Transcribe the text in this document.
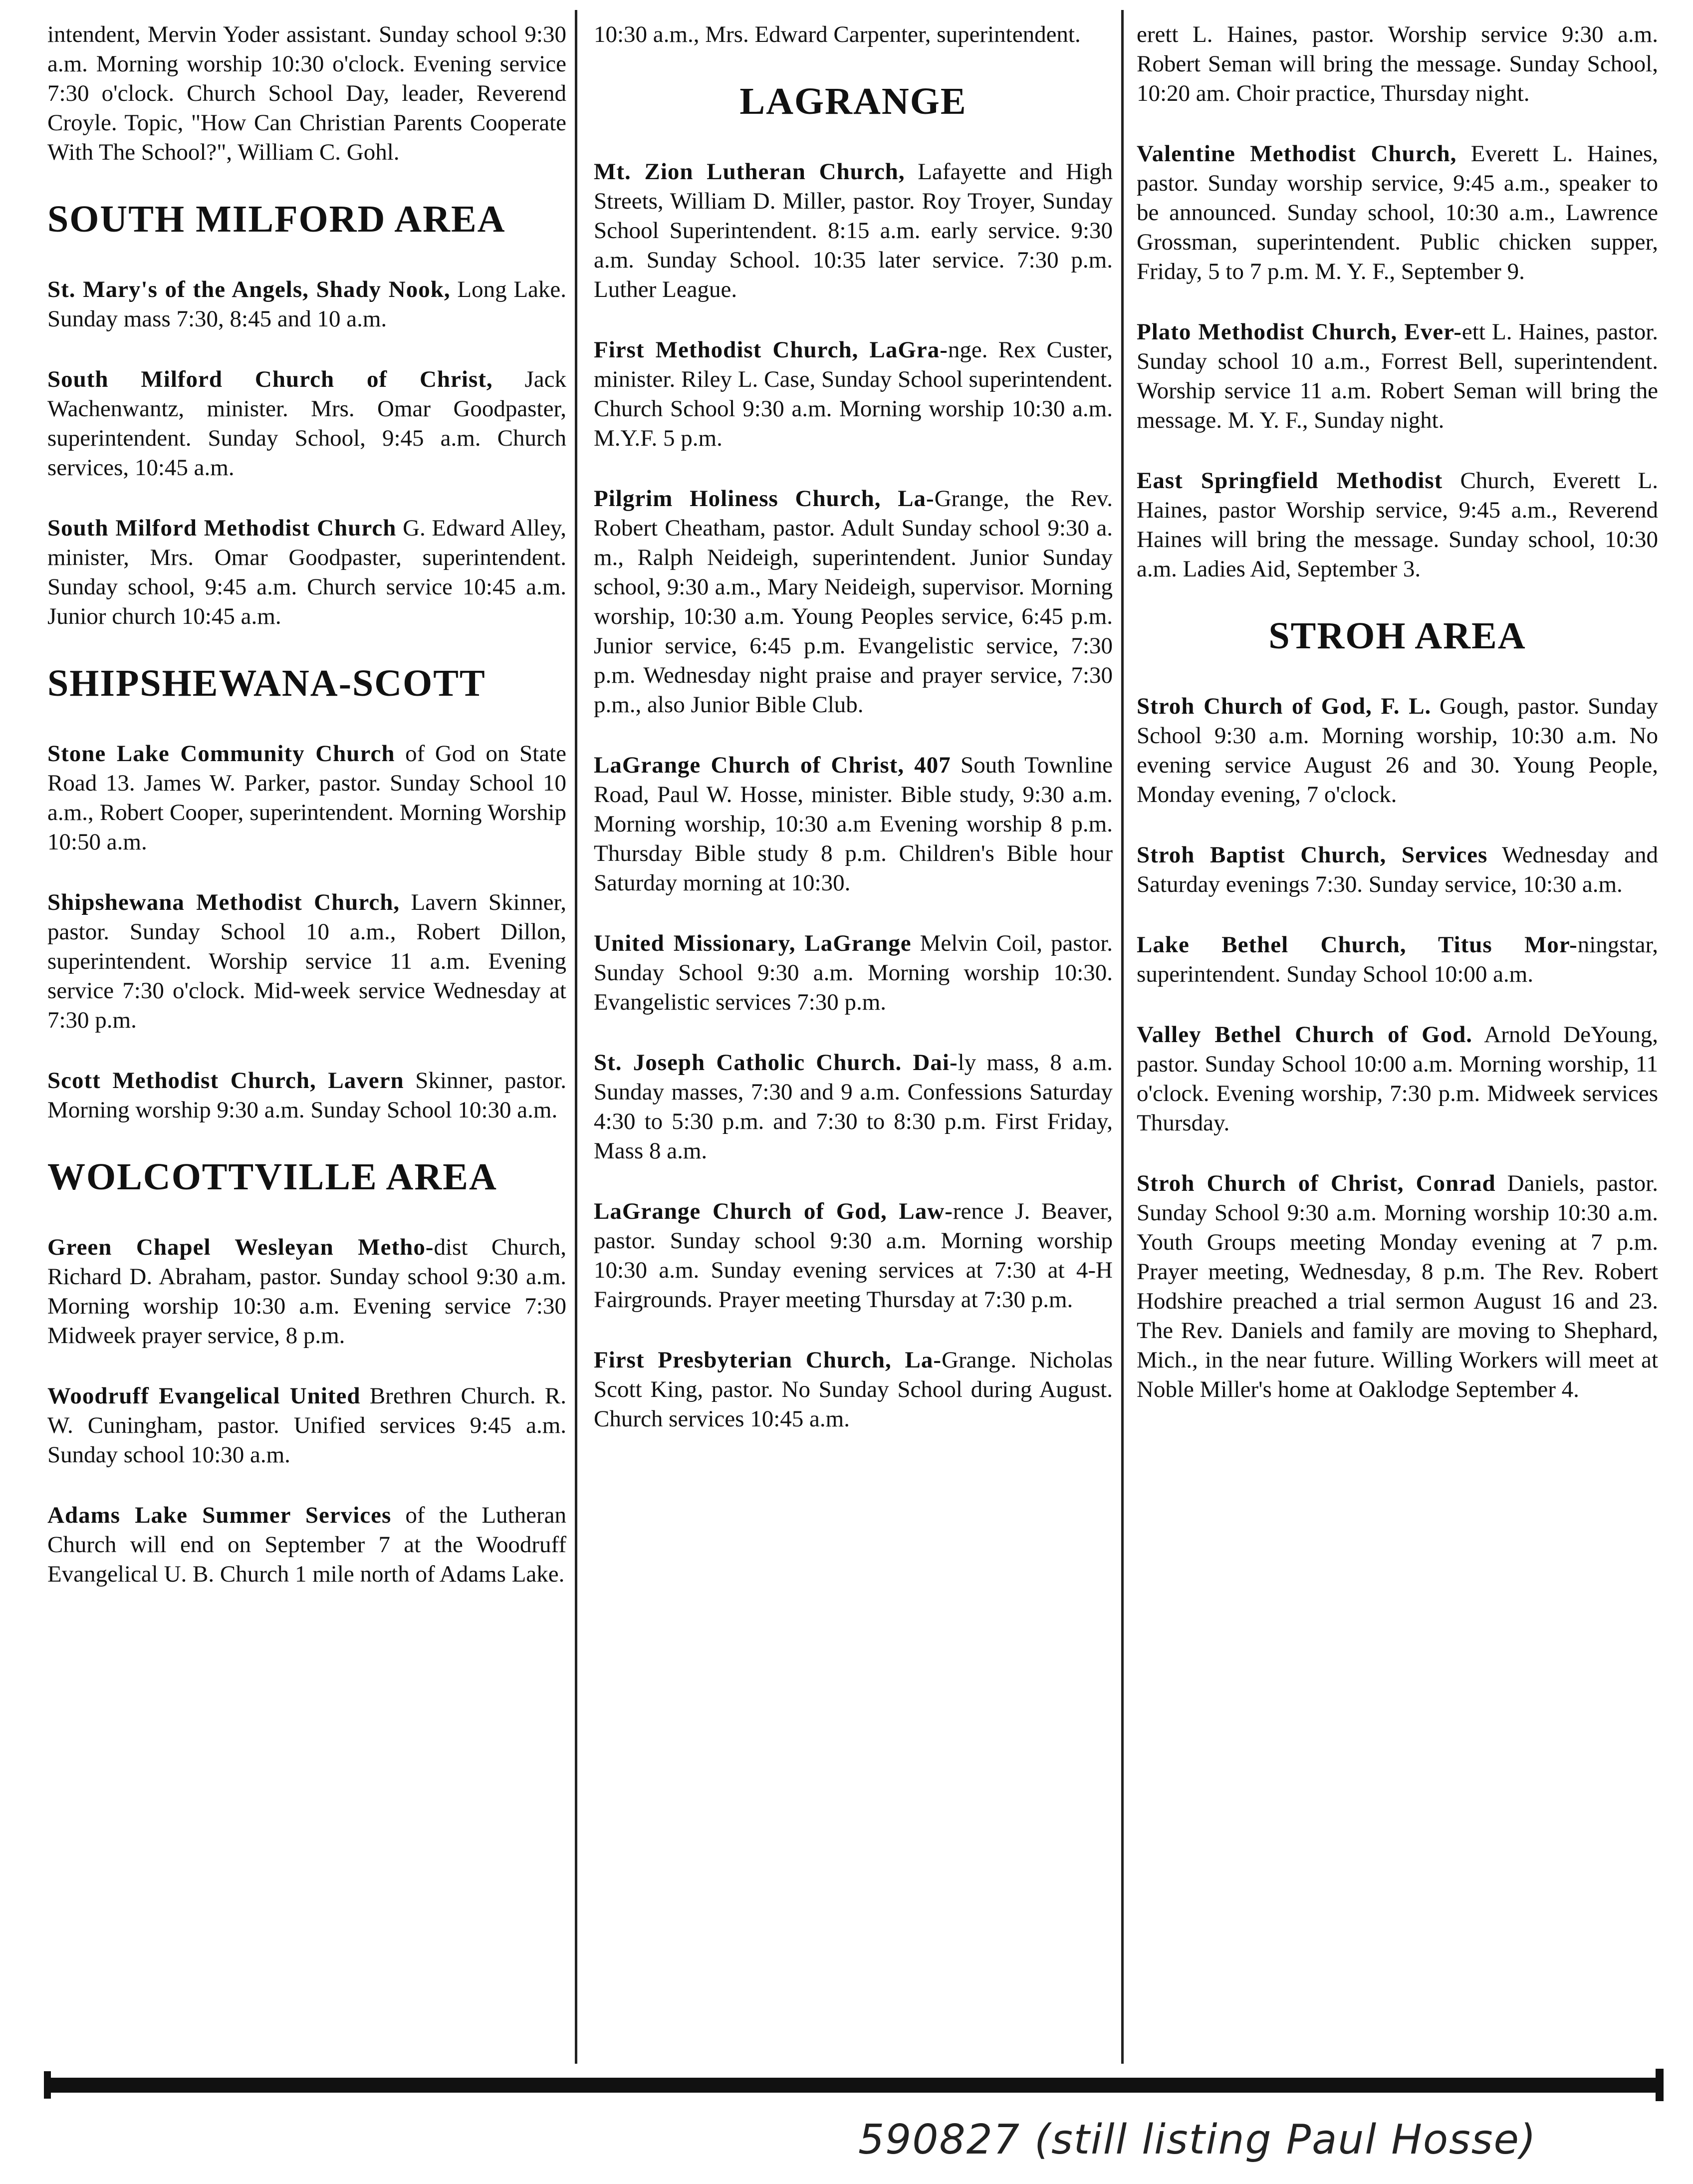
intendent, Mervin Yoder assistant. Sunday school 9:30 a.m. Morning worship 10:30 o'clock. Evening service 7:30 o'clock. Church School Day, leader, Reverend Croyle. Topic, "How Can Christian Parents Cooperate With The School?", William C. Gohl.

SOUTH MILFORD AREA

St. Mary's of the Angels, Shady Nook, Long Lake. Sunday mass 7:30, 8:45 and 10 a.m.

South Milford Church of Christ, Jack Wachenwantz, minister. Mrs. Omar Goodpaster, superintendent. Sunday School, 9:45 a.m. Church services, 10:45 a.m.

South Milford Methodist Church G. Edward Alley, minister, Mrs. Omar Goodpaster, superintendent. Sunday school, 9:45 a.m. Church service 10:45 a.m. Junior church 10:45 a.m.

SHIPSHEWANA-SCOTT

Stone Lake Community Church of God on State Road 13. James W. Parker, pastor. Sunday School 10 a.m., Robert Cooper, superintendent. Morning Worship 10:50 a.m.

Shipshewana Methodist Church, Lavern Skinner, pastor. Sunday School 10 a.m., Robert Dillon, superintendent. Worship service 11 a.m. Evening service 7:30 o'clock. Mid-week service Wednesday at 7:30 p.m.

Scott Methodist Church, Lavern Skinner, pastor. Morning worship 9:30 a.m. Sunday School 10:30 a.m.

WOLCOTTVILLE AREA

Green Chapel Wesleyan Metho-dist Church, Richard D. Abraham, pastor. Sunday school 9:30 a.m. Morning worship 10:30 a.m. Evening service 7:30 Midweek prayer service, 8 p.m.

Woodruff Evangelical United Brethren Church. R. W. Cuningham, pastor. Unified services 9:45 a.m. Sunday school 10:30 a.m.

Adams Lake Summer Services of the Lutheran Church will end on September 7 at the Woodruff Evangelical U. B. Church 1 mile north of Adams Lake.

10:30 a.m., Mrs. Edward Carpenter, superintendent.

LAGRANGE

Mt. Zion Lutheran Church, Lafayette and High Streets, William D. Miller, pastor. Roy Troyer, Sunday School Superintendent. 8:15 a.m. early service. 9:30 a.m. Sunday School. 10:35 later service. 7:30 p.m. Luther League.

First Methodist Church, LaGra-nge. Rex Custer, minister. Riley L. Case, Sunday School superintendent. Church School 9:30 a.m. Morning worship 10:30 a.m. M.Y.F. 5 p.m.

Pilgrim Holiness Church, La-Grange, the Rev. Robert Cheatham, pastor. Adult Sunday school 9:30 a. m., Ralph Neideigh, superintendent. Junior Sunday school, 9:30 a.m., Mary Neideigh, supervisor. Morning worship, 10:30 a.m. Young Peoples service, 6:45 p.m. Junior service, 6:45 p.m. Evangelistic service, 7:30 p.m. Wednesday night praise and prayer service, 7:30 p.m., also Junior Bible Club.

LaGrange Church of Christ, 407 South Townline Road, Paul W. Hosse, minister. Bible study, 9:30 a.m. Morning worship, 10:30 a.m Evening worship 8 p.m. Thursday Bible study 8 p.m. Children's Bible hour Saturday morning at 10:30.

United Missionary, LaGrange Melvin Coil, pastor. Sunday School 9:30 a.m. Morning worship 10:30. Evangelistic services 7:30 p.m.

St. Joseph Catholic Church. Dai-ly mass, 8 a.m. Sunday masses, 7:30 and 9 a.m. Confessions Saturday 4:30 to 5:30 p.m. and 7:30 to 8:30 p.m. First Friday, Mass 8 a.m.

LaGrange Church of God, Law-rence J. Beaver, pastor. Sunday school 9:30 a.m. Morning worship 10:30 a.m. Sunday evening services at 7:30 at 4-H Fairgrounds. Prayer meeting Thursday at 7:30 p.m.

First Presbyterian Church, La-Grange. Nicholas Scott King, pastor. No Sunday School during August. Church services 10:45 a.m.

erett L. Haines, pastor. Worship service 9:30 a.m. Robert Seman will bring the message. Sunday School, 10:20 am. Choir practice, Thursday night.

Valentine Methodist Church, Everett L. Haines, pastor. Sunday worship service, 9:45 a.m., speaker to be announced. Sunday school, 10:30 a.m., Lawrence Grossman, superintendent. Public chicken supper, Friday, 5 to 7 p.m. M. Y. F., September 9.

Plato Methodist Church, Ever-ett L. Haines, pastor. Sunday school 10 a.m., Forrest Bell, superintendent. Worship service 11 a.m. Robert Seman will bring the message. M. Y. F., Sunday night.

East Springfield Methodist Church, Everett L. Haines, pastor Worship service, 9:45 a.m., Reverend Haines will bring the message. Sunday school, 10:30 a.m. Ladies Aid, September 3.

STROH AREA

Stroh Church of God, F. L. Gough, pastor. Sunday School 9:30 a.m. Morning worship, 10:30 a.m. No evening service August 26 and 30. Young People, Monday evening, 7 o'clock.

Stroh Baptist Church, Services Wednesday and Saturday evenings 7:30. Sunday service, 10:30 a.m.

Lake Bethel Church, Titus Mor-ningstar, superintendent. Sunday School 10:00 a.m.

Valley Bethel Church of God. Arnold DeYoung, pastor. Sunday School 10:00 a.m. Morning worship, 11 o'clock. Evening worship, 7:30 p.m. Midweek services Thursday.

Stroh Church of Christ, Conrad Daniels, pastor. Sunday School 9:30 a.m. Morning worship 10:30 a.m. Youth Groups meeting Monday evening at 7 p.m. Prayer meeting, Wednesday, 8 p.m. The Rev. Robert Hodshire preached a trial sermon August 16 and 23. The Rev. Daniels and family are moving to Shephard, Mich., in the near future. Willing Workers will meet at Noble Miller's home at Oaklodge September 4.

590827 (still listing Paul Hosse)
